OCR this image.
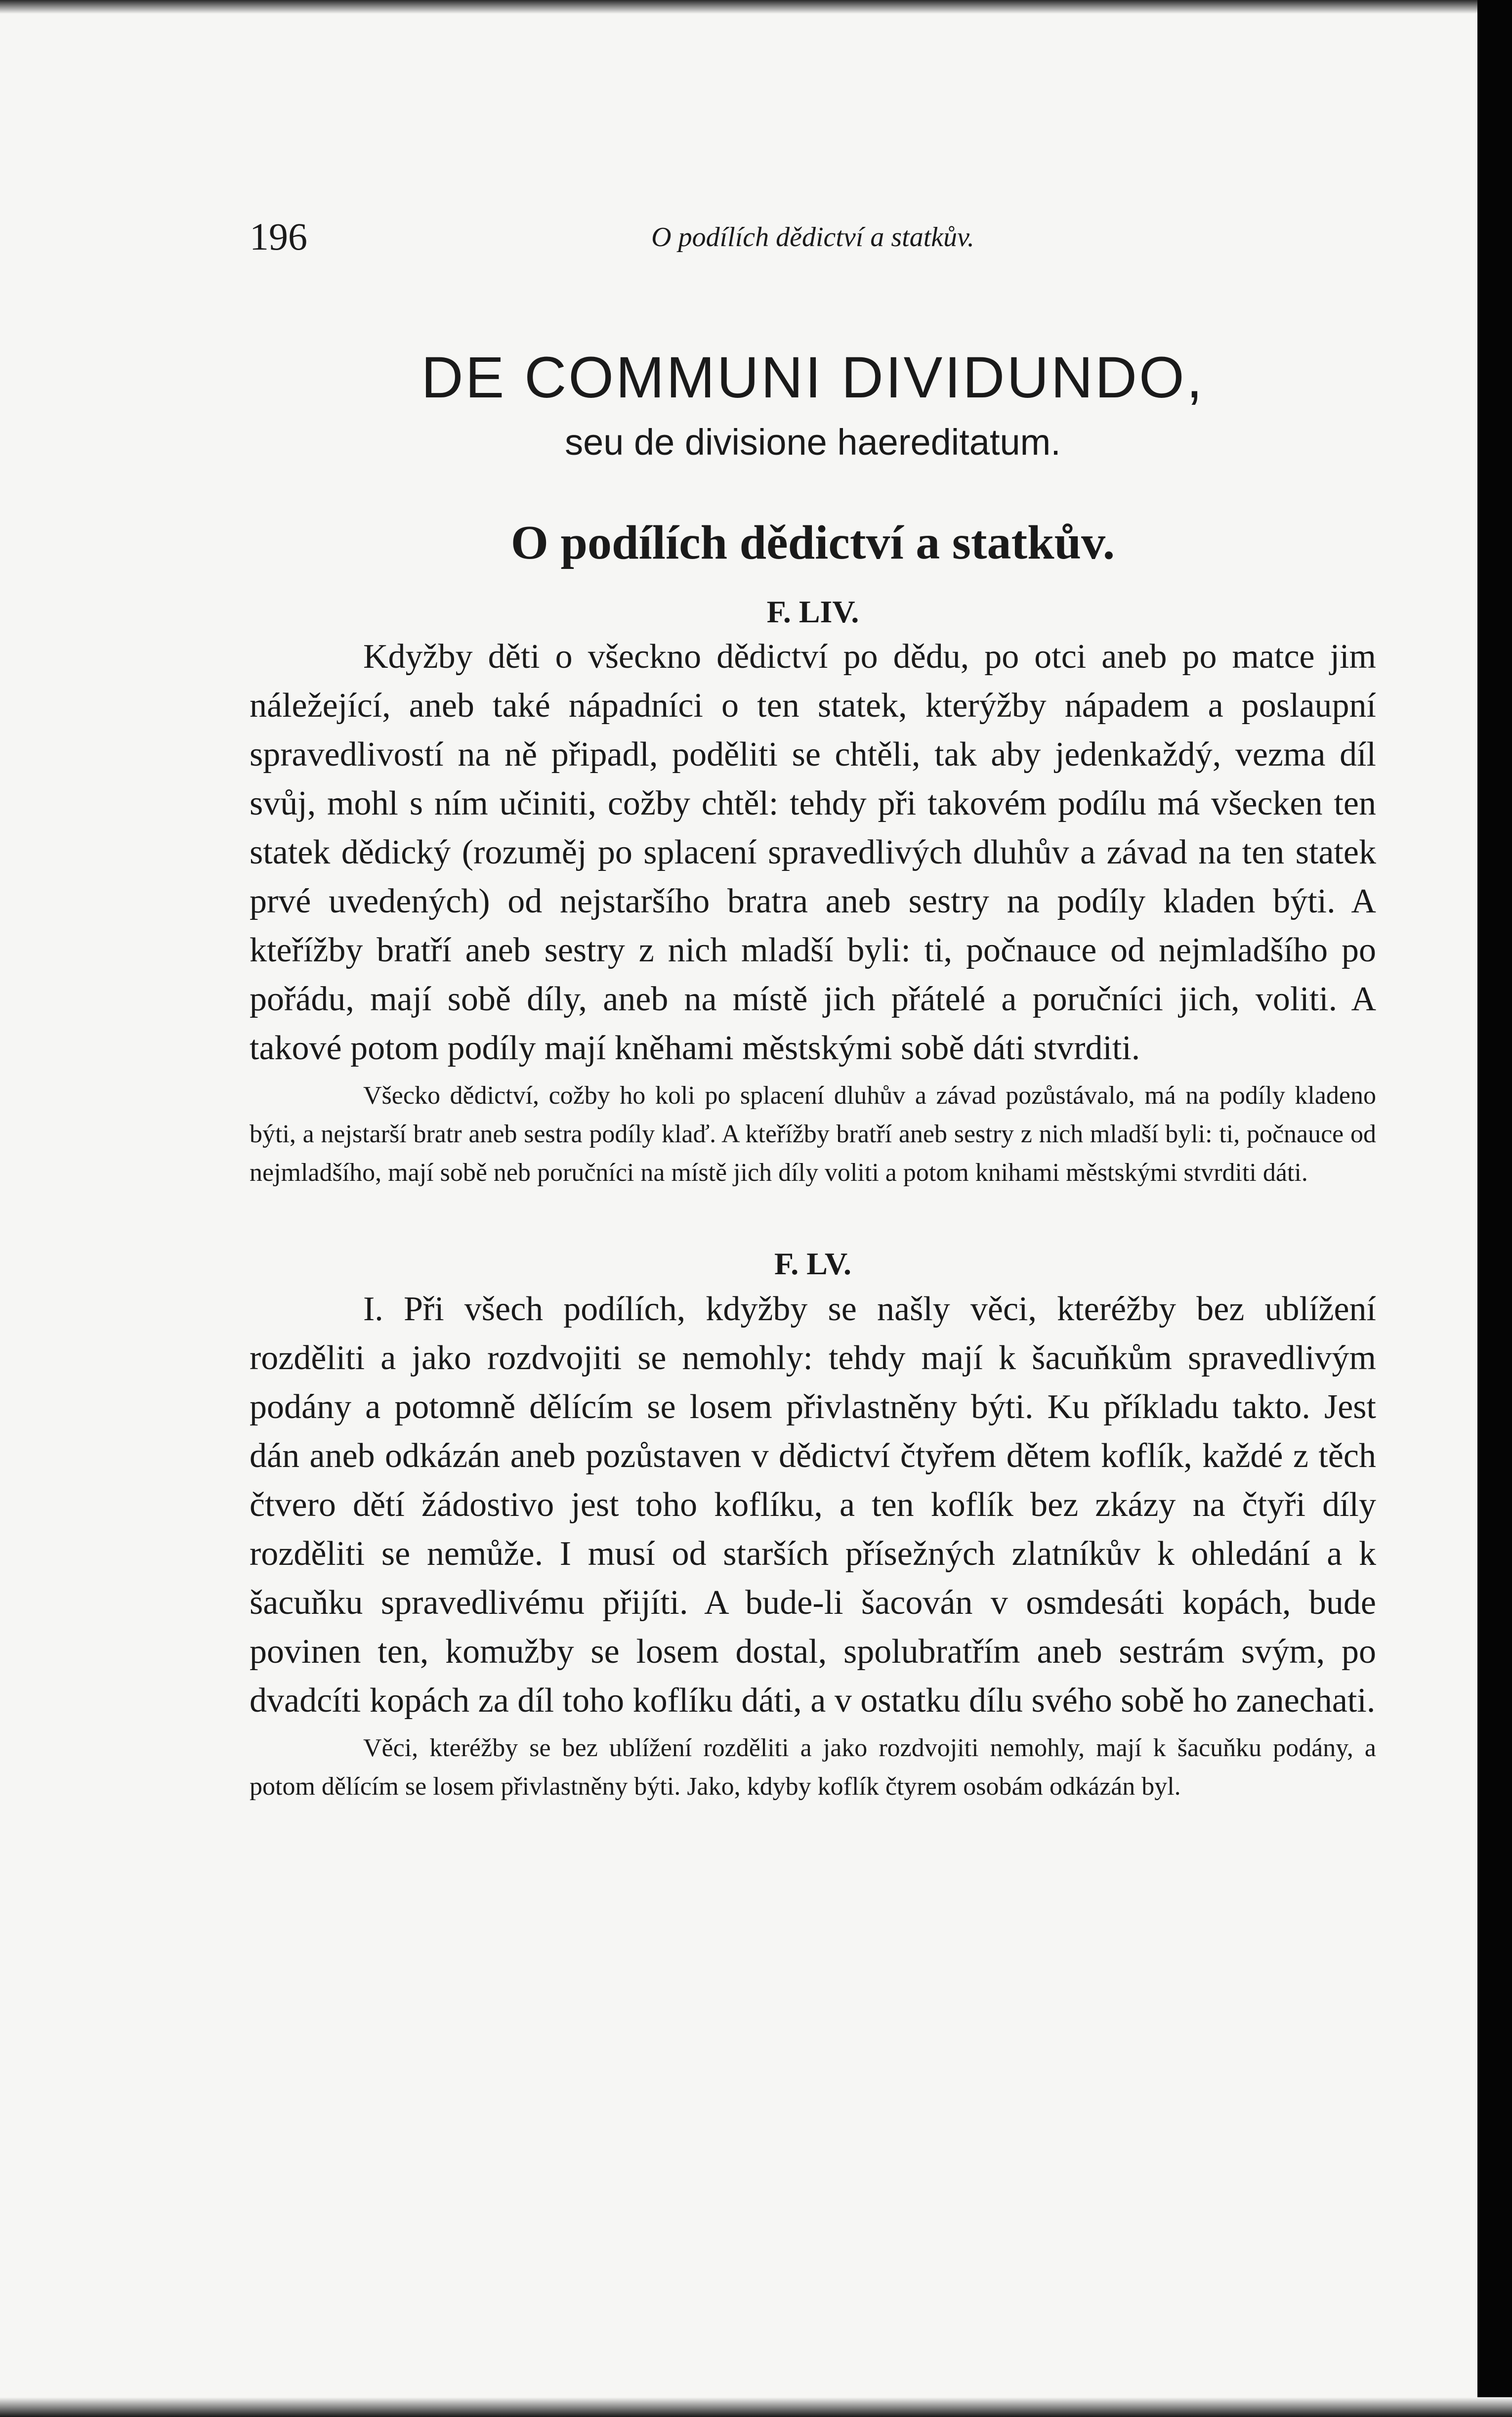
196	O podílích dědictví a statkův.
DE COMMUNI DIVIDUNDO,
seu de divisione haereditatum.
O podílích dědictví a statkův.
F. LIV.

Kdyžby děti o všeckno dědictví po dědu, po otci aneb po matce jim náležející, aneb také nápadníci o ten statek, kterýžby nápadem a poslaupní spravedlivostí na ně připadl, poděliti se chtěli, tak aby jedenkaždý, vezma díl svůj, mohl s ním učiniti, cožby chtěl: tehdy při takovém podílu má všecken ten statek dědický (rozuměj po splacení spravedlivých dluhův a závad na ten statek prvé uvedených) od nejstaršího bratra aneb sestry na podíly kladen býti. A kteřížby bratří aneb sestry z nich mladší byli: ti, počnauce od nejmladšího po pořádu, mají sobě díly, aneb na místě jich přátelé a poručníci jich, voliti. A takové potom podíly mají kněhami městskými sobě dáti stvrditi.

Všecko dědictví, cožby ho koli po splacení dluhův a závad pozůstávalo, má na podíly kladeno býti, a nejstarší bratr aneb sestra podíly klaď. A kteřížby bratří aneb sestry z nich mladší byli: ti, počnauce od nejmladšího, mají sobě neb poručníci na místě jich díly voliti a potom knihami městskými stvrditi dáti.

F. LV.

I. Při všech podílích, kdyžby se našly věci, kteréžby bez ublížení rozděliti a jako rozdvojiti se nemohly: tehdy mají k šacuňkům spravedlivým podány a potomně dělícím se losem přivlastněny býti. Ku příkladu takto. Jest dán aneb odkázán aneb pozůstaven v dědictví čtyřem dětem koflík, každé z těch čtvero dětí žádostivo jest toho koflíku, a ten koflík bez zkázy na čtyři díly rozděliti se nemůže. I musí od starších přísežných zlatníkův k ohledání a k šacuňku spravedlivému přijíti. A bude-li šacován v osmdesáti kopách, bude povinen ten, komužby se losem dostal, spolubratřím aneb sestrám svým, po dvadcíti kopách za díl toho koflíku dáti, a v ostatku dílu svého sobě ho zanechati.

Věci, kteréžby se bez ublížení rozděliti a jako rozdvojiti nemohly, mají k šacuňku podány, a potom dělícím se losem přivlastněny býti. Jako, kdyby koflík čtyrem osobám odkázán byl.
